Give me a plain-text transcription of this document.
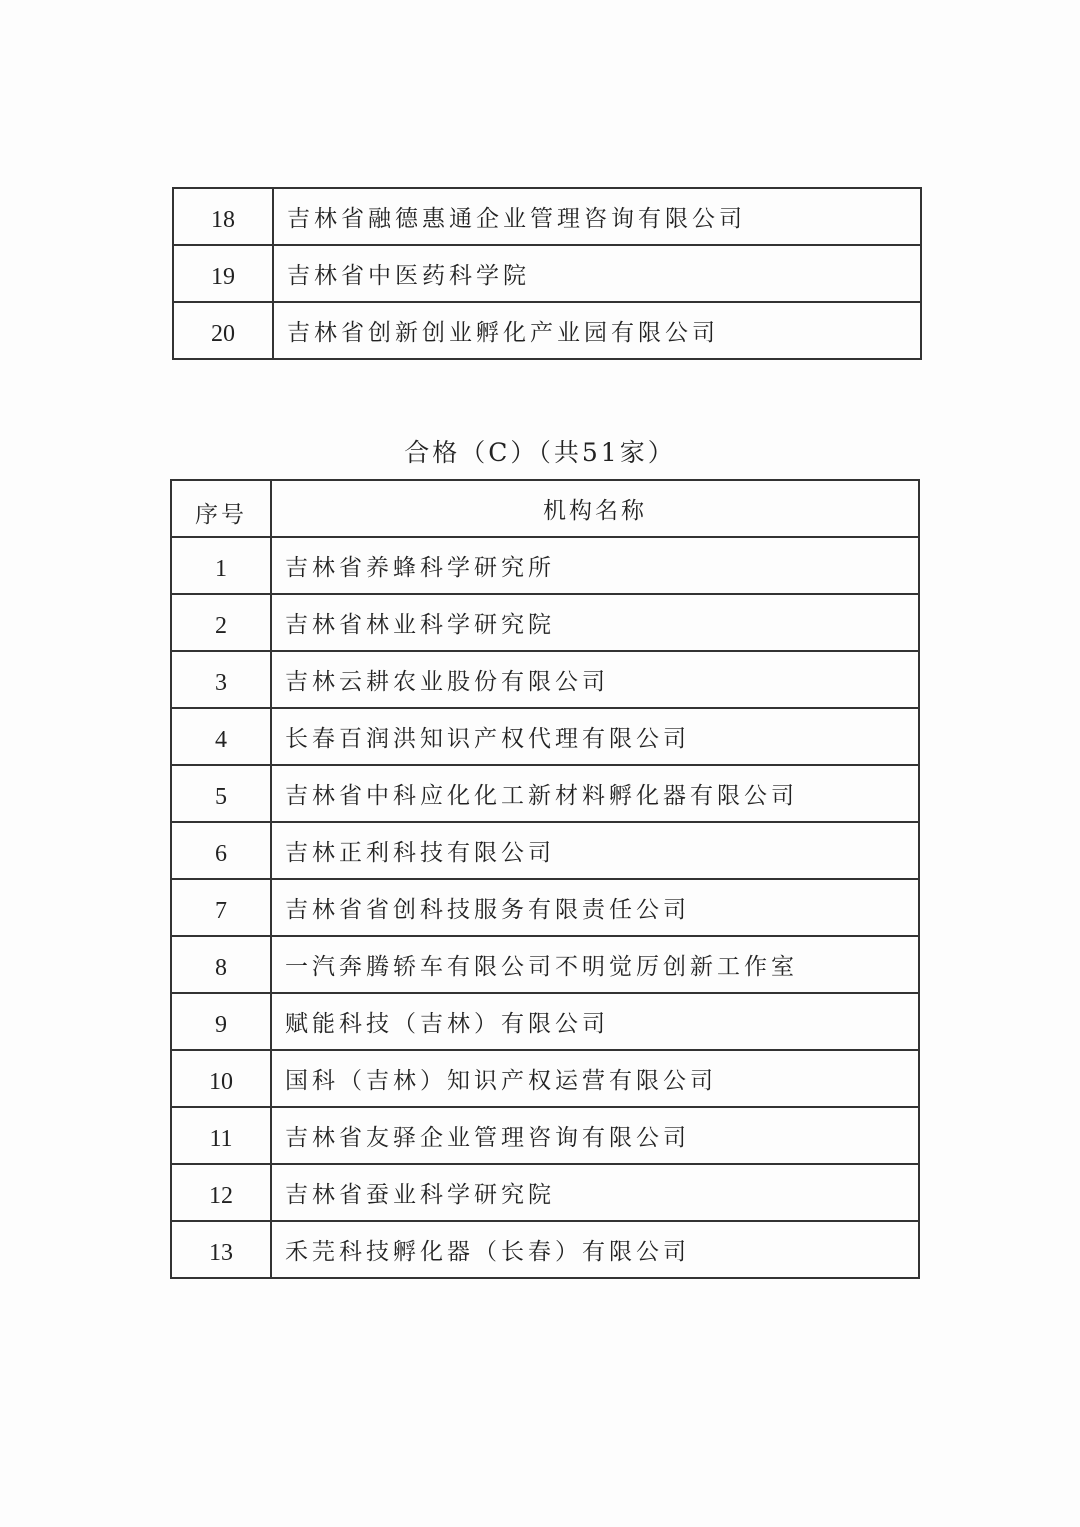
18	吉林省融德惠通企业管理咨询有限公司
19	吉林省中医药科学院
20	吉林省创新创业孵化产业园有限公司
合格（C）（共51家）
序号	机构名称
1	吉林省养蜂科学研究所
2	吉林省林业科学研究院
3	吉林云耕农业股份有限公司
4	长春百润洪知识产权代理有限公司
5	吉林省中科应化化工新材料孵化器有限公司
6	吉林正利科技有限公司
7	吉林省省创科技服务有限责任公司
8	一汽奔腾轿车有限公司不明觉厉创新工作室
9	赋能科技（吉林）有限公司
10	国科（吉林）知识产权运营有限公司
11	吉林省友驿企业管理咨询有限公司
12	吉林省蚕业科学研究院
13	禾芫科技孵化器（长春）有限公司
